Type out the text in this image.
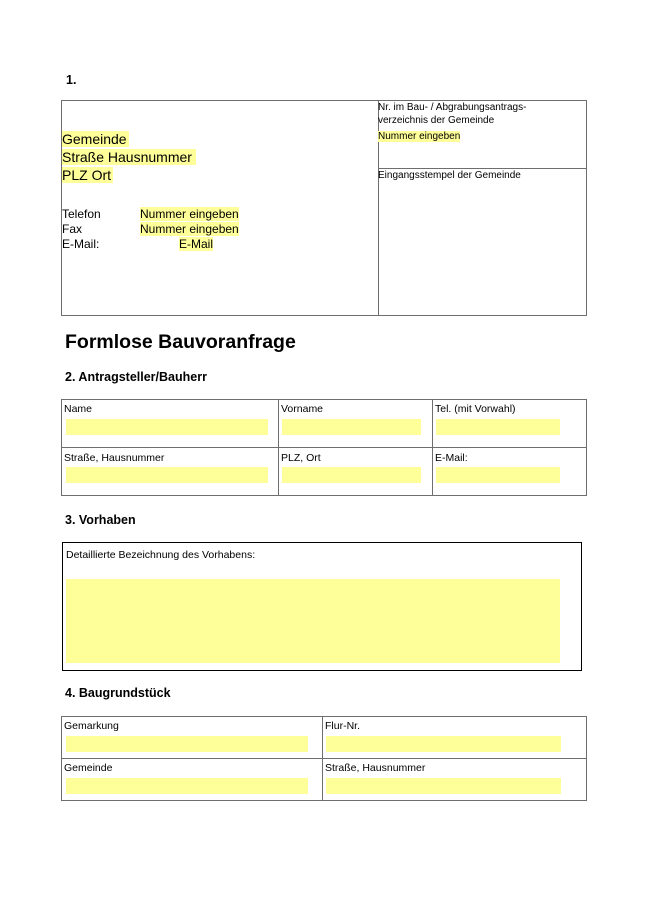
1.
Gemeinde
Straße Hausnummer
PLZ Ort
Telefon	Nummer eingeben
Fax	Nummer eingeben
E-Mail:	E-Mail
Nr. im Bau- / Abgrabungsantrags-
verzeichnis der Gemeinde
Nummer eingeben
Eingangsstempel der Gemeinde
Formlose Bauvoranfrage
2. Antragsteller/Bauherr
Name	Vorname	Tel. (mit Vorwahl)
Straße, Hausnummer	PLZ, Ort	E-Mail:
3. Vorhaben
Detaillierte Bezeichnung des Vorhabens:
4. Baugrundstück
Gemarkung	Flur-Nr.
Gemeinde	Straße, Hausnummer
